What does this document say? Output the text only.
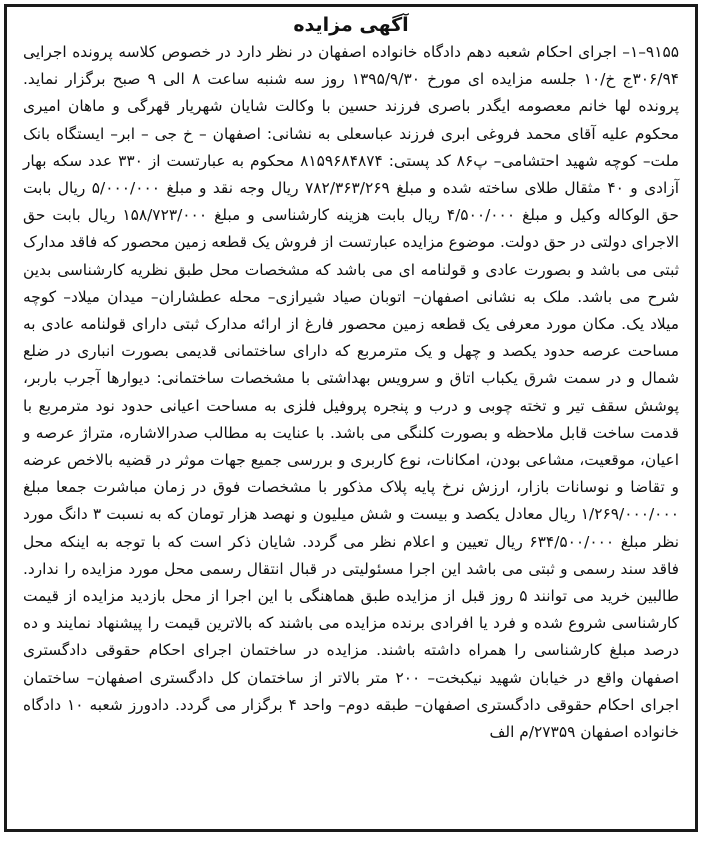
آگهی مزایده

۹۱۵۵–۱– اجرای احکام شعبه دهم دادگاه خانواده اصفهان در نظر دارد در خصوص کلاسه پرونده اجرایی ۳۰۶/۹۴ج خ/۱۰ جلسه مزایده ای مورخ ۱۳۹۵/۹/۳۰ روز سه شنبه ساعت ۸ الی ۹ صبح برگزار نماید. پرونده لها خانم معصومه ایگدر باصری فرزند حسین با وکالت شایان شهریار قهرگی و ماهان امیری محکوم علیه آقای محمد فروغی ابری فرزند عباسعلی به نشانی: اصفهان – خ جی – ابر– ایستگاه بانک ملت– کوچه شهید احتشامی– پ۸۶ کد پستی: ۸۱۵۹۶۸۴۸۷۴ محکوم به عبارتست از ۳۳۰ عدد سکه بهار آزادی و ۴۰ مثقال طلای ساخته شده و مبلغ ۷۸۲/۳۶۳/۲۶۹ ریال وجه نقد و مبلغ ۵/۰۰۰/۰۰۰ ریال بابت حق الوکاله وکیل و مبلغ ۴/۵۰۰/۰۰۰ ریال بابت هزینه کارشناسی و مبلغ ۱۵۸/۷۲۳/۰۰۰ ریال بابت حق الاجرای دولتی در حق دولت. موضوع مزایده عبارتست از فروش یک قطعه زمین محصور که فاقد مدارک ثبتی می باشد و بصورت عادی و قولنامه ای می باشد که مشخصات محل طبق نظریه کارشناسی بدین شرح می باشد. ملک به نشانی اصفهان– اتوبان صیاد شیرازی– محله عطشاران– میدان میلاد– کوچه میلاد یک. مکان مورد معرفی یک قطعه زمین محصور فارغ از ارائه مدارک ثبتی دارای قولنامه عادی به مساحت عرصه حدود یکصد و چهل و یک مترمربع که دارای ساختمانی قدیمی بصورت انباری در ضلع شمال و در سمت شرق یکباب اتاق و سرویس بهداشتی با مشخصات ساختمانی: دیوارها آجرب باربر، پوشش سقف تیر و تخته چوبی و درب و پنجره پروفیل فلزی به مساحت اعیانی حدود نود مترمربع با قدمت ساخت قابل ملاحظه و بصورت کلنگی می باشد. با عنایت به مطالب صدرالاشاره، متراژ عرصه و اعیان، موقعیت، مشاعی بودن، امکانات، نوع کاربری و بررسی جمیع جهات موثر در قضیه بالاخص عرضه و تقاضا و نوسانات بازار، ارزش نرخ پایه پلاک مذکور با مشخصات فوق در زمان مباشرت جمعا مبلغ ۱/۲۶۹/۰۰۰/۰۰۰ ریال معادل یکصد و بیست و شش میلیون و نهصد هزار تومان که به نسبت ۳ دانگ مورد نظر مبلغ ۶۳۴/۵۰۰/۰۰۰ ریال تعیین و اعلام نظر می گردد. شایان ذکر است که با توجه به اینکه محل فاقد سند رسمی و ثبتی می باشد این اجرا مسئولیتی در قبال انتقال رسمی محل مورد مزایده را ندارد. طالبین خرید می توانند ۵ روز قبل از مزایده طبق هماهنگی با این اجرا از محل بازدید مزایده از قیمت کارشناسی شروع شده و فرد یا افرادی برنده مزایده می باشند که بالاترین قیمت را پیشنهاد نمایند و ده درصد مبلغ کارشناسی را همراه داشته باشند. مزایده در ساختمان اجرای احکام حقوقی دادگستری اصفهان واقع در خیابان شهید نیکبخت– ۲۰۰ متر بالاتر از ساختمان کل دادگستری اصفهان– ساختمان اجرای احکام حقوقی دادگستری اصفهان– طبقه دوم– واحد ۴ برگزار می گردد. دادورز شعبه ۱۰ دادگاه خانواده اصفهان ۲۷۳۵۹/م الف
